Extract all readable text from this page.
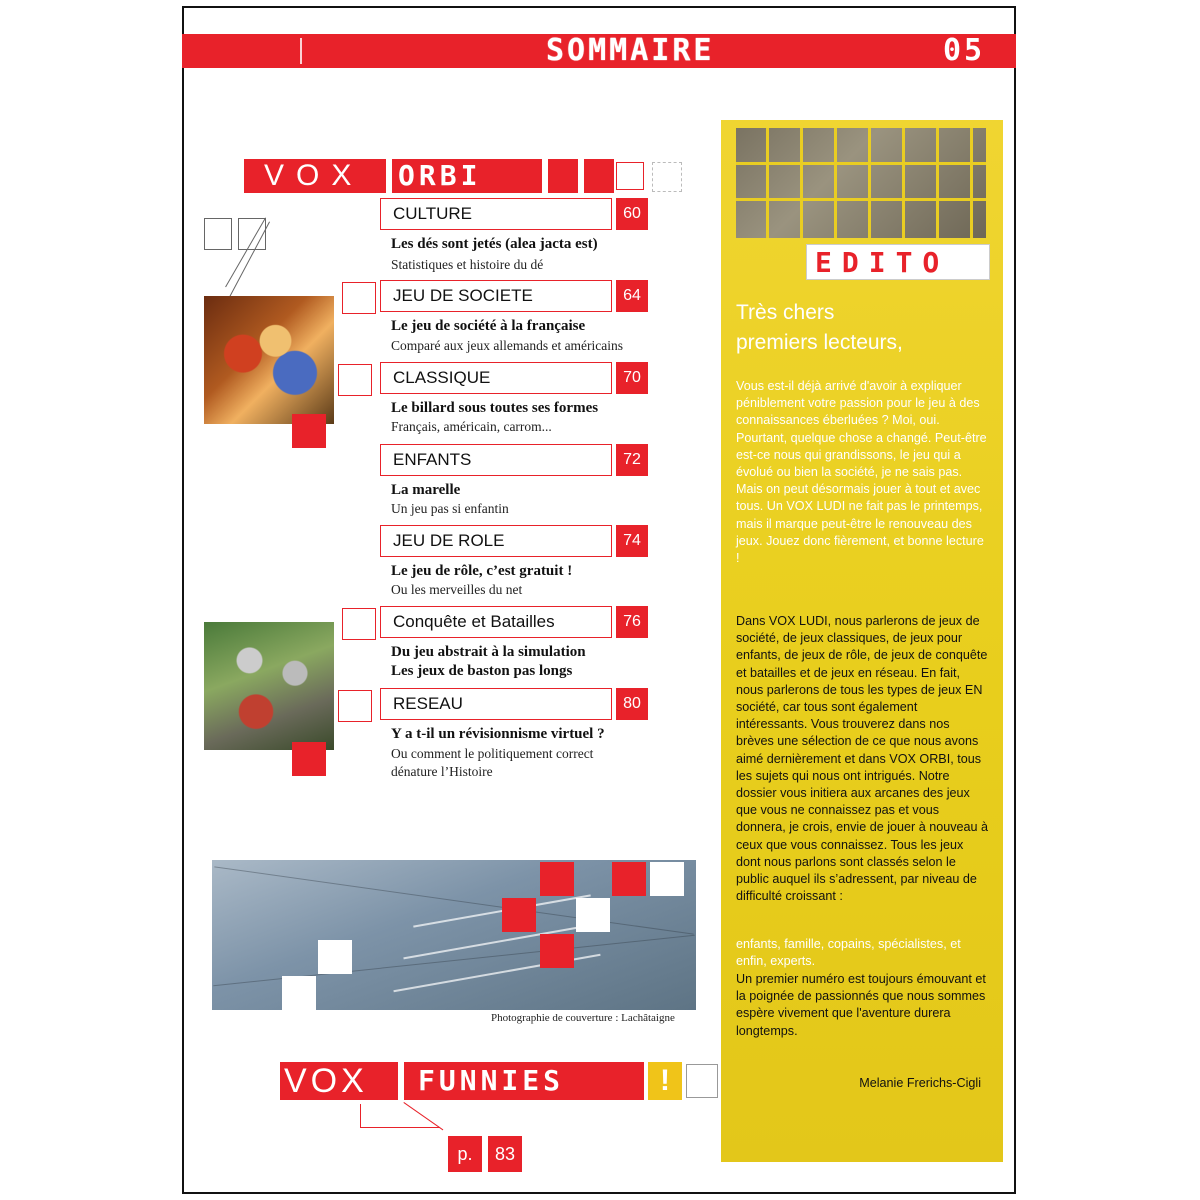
SOMMAIRE	05
VOX	ORBI
CULTURE	60
Les dés sont jetés (alea jacta est)
Statistiques et histoire du dé
JEU DE SOCIETE	64
Le jeu de société à la française
Comparé aux jeux allemands et américains
CLASSIQUE	70
Le billard sous toutes ses formes
Français, américain, carrom...
ENFANTS	72
La marelle
Un jeu pas si enfantin
JEU DE ROLE	74
Le jeu de rôle, c’est gratuit !
Ou les merveilles du net
Conquête et Batailles	76
Du jeu abstrait à la simulation
Les jeux de baston pas longs
RESEAU	80
Y a t-il un révisionnisme virtuel ?
Ou comment le politiquement correct
dénature l’Histoire
Photographie de couverture : Lachâtaigne
VOX	FUNNIES	!
p.	83
EDITO
Très chers
premiers lecteurs,
Vous est-il déjà arrivé d'avoir à expliquer péniblement votre passion pour le jeu à des connaissances éberluées ? Moi, oui. Pourtant, quelque chose a changé. Peut-être est-ce nous qui grandissons, le jeu qui a évolué ou bien la société, je ne sais pas. Mais on peut désormais jouer à tout et avec tous. Un VOX LUDI ne fait pas le printemps, mais il marque peut-être le renouveau des jeux. Jouez donc fièrement, et bonne lecture !
Dans VOX LUDI, nous parlerons de jeux de société, de jeux classiques, de jeux pour enfants, de jeux de rôle, de jeux de conquête et batailles et de jeux en réseau. En fait, nous parlerons de tous les types de jeux EN société, car tous sont également intéressants. Vous trouverez dans nos brèves une sélection de ce que nous avons aimé dernièrement et dans VOX ORBI, tous les sujets qui nous ont intrigués. Notre dossier vous initiera aux arcanes des jeux que vous ne connaissez pas et vous donnera, je crois, envie de jouer à nouveau à ceux que vous connaissez. Tous les jeux dont nous parlons sont classés selon le public auquel ils s’adressent, par niveau de difficulté croissant :
enfants, famille, copains, spécialistes, et enfin, experts.
Un premier numéro est toujours émouvant et la poignée de passionnés que nous sommes espère vivement que l'aventure durera longtemps.
Melanie Frerichs-Cigli
